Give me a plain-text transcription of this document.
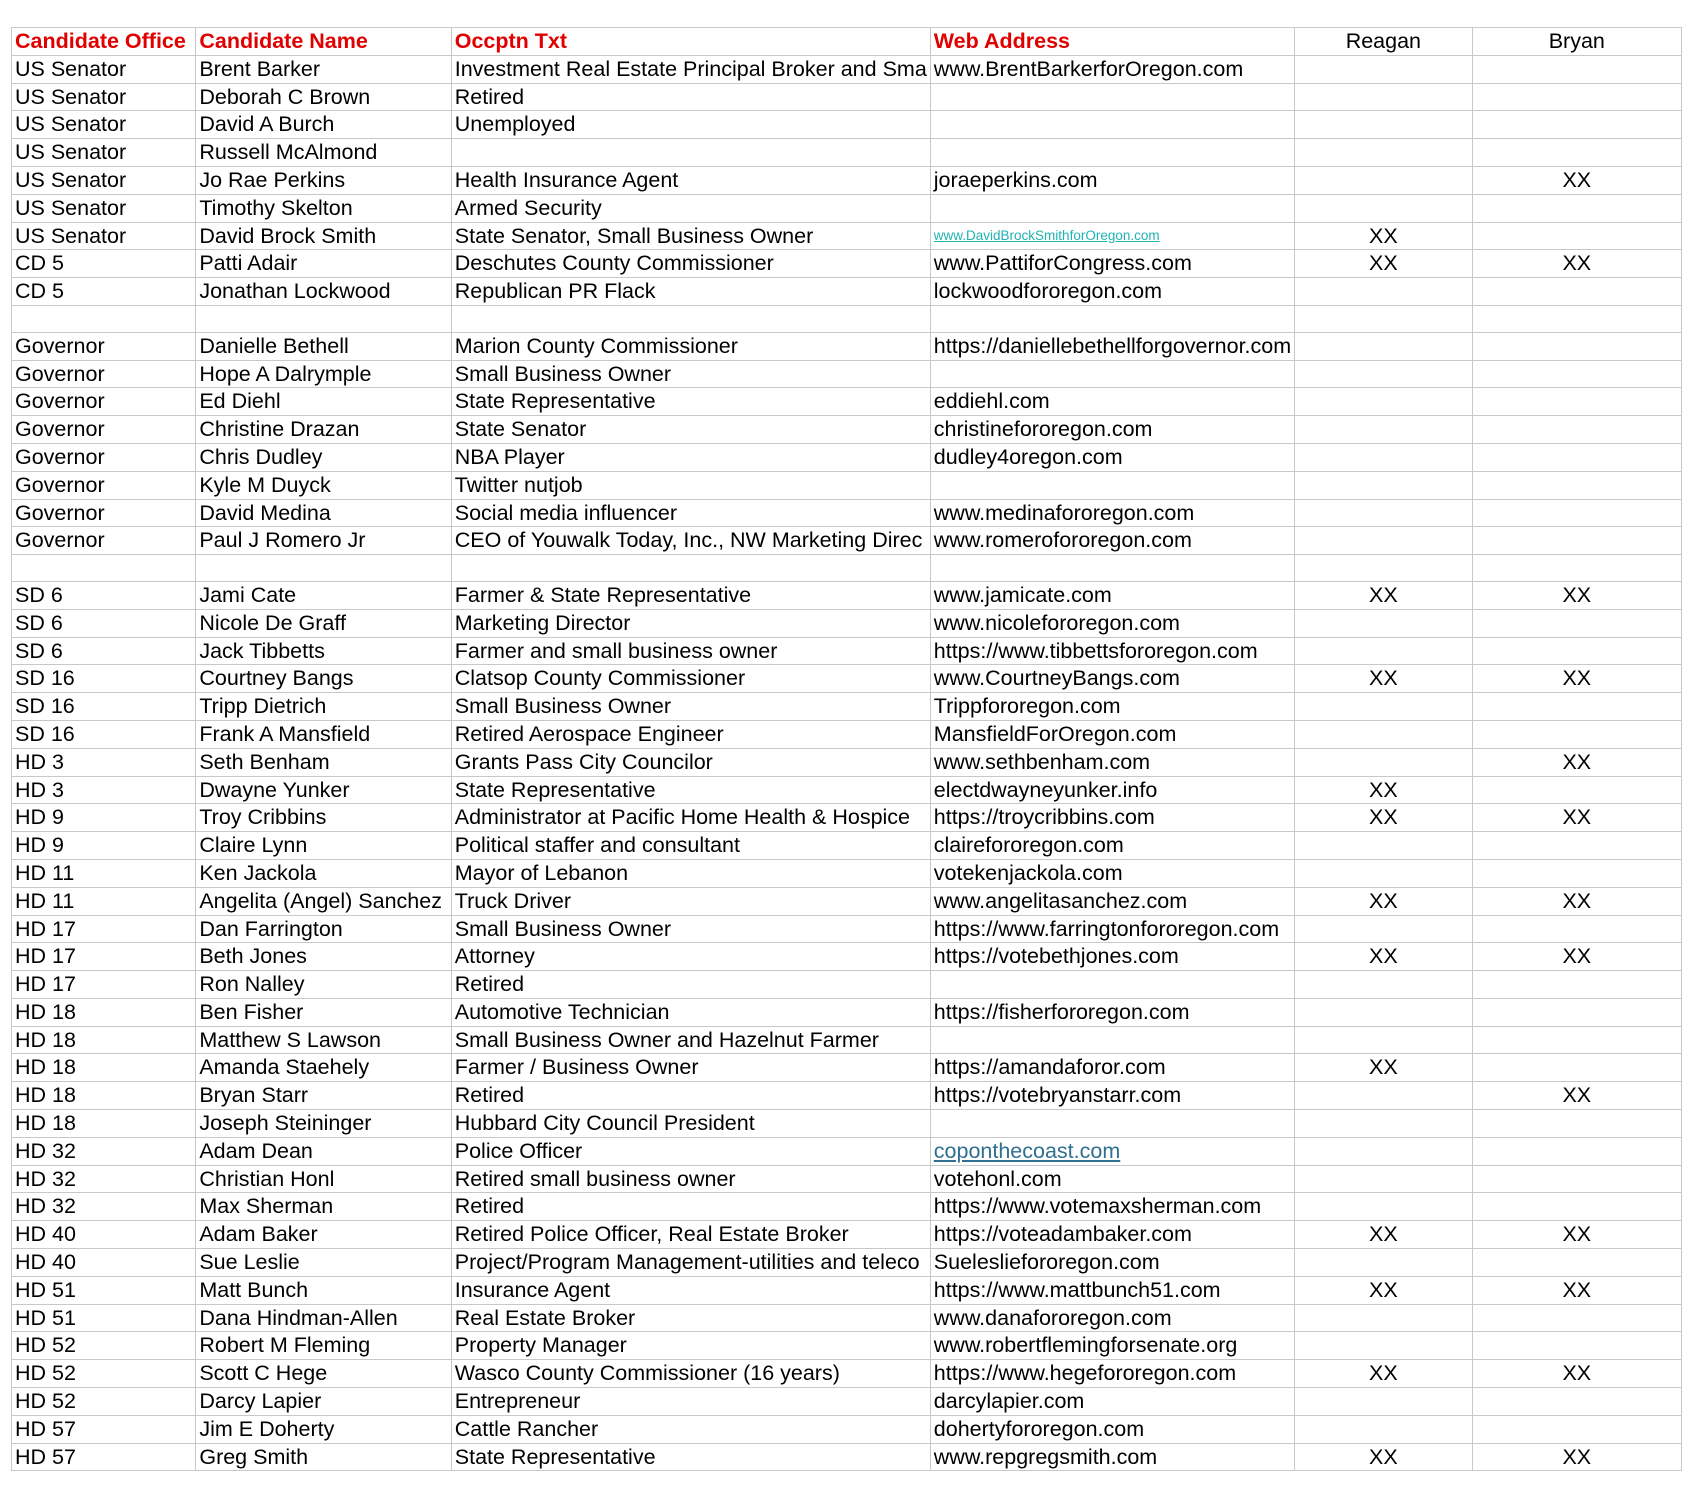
Candidate Office	Candidate Name	Occptn Txt	Web Address	Reagan	Bryan
US Senator	Brent Barker	Investment Real Estate Principal Broker and Sma	www.BrentBarkerforOregon.com		
US Senator	Deborah C Brown	Retired			
US Senator	David A Burch	Unemployed			
US Senator	Russell McAlmond				
US Senator	Jo Rae Perkins	Health Insurance Agent	joraeperkins.com		XX
US Senator	Timothy Skelton	Armed Security			
US Senator	David Brock Smith	State Senator, Small Business Owner	www.DavidBrockSmithforOregon.com	XX	
CD 5	Patti Adair	Deschutes County Commissioner	www.PattiforCongress.com	XX	XX
CD 5	Jonathan Lockwood	Republican PR Flack	lockwoodfororegon.com		

Governor	Danielle Bethell	Marion County Commissioner	https://daniellebethellforgovernor.com		
Governor	Hope A Dalrymple	Small Business Owner			
Governor	Ed Diehl	State Representative	eddiehl.com		
Governor	Christine Drazan	State Senator	christinefororegon.com		
Governor	Chris Dudley	NBA Player	dudley4oregon.com		
Governor	Kyle M Duyck	Twitter nutjob			
Governor	David Medina	Social media influencer	www.medinafororegon.com		
Governor	Paul J Romero Jr	CEO of Youwalk Today, Inc., NW Marketing Direc	www.romerofororegon.com		

SD 6	Jami Cate	Farmer & State Representative	www.jamicate.com	XX	XX
SD 6	Nicole De Graff	Marketing Director	www.nicolefororegon.com		
SD 6	Jack Tibbetts	Farmer and small business owner	https://www.tibbettsfororegon.com		
SD 16	Courtney Bangs	Clatsop County Commissioner	www.CourtneyBangs.com	XX	XX
SD 16	Tripp Dietrich	Small Business Owner	Trippfororegon.com		
SD 16	Frank A Mansfield	Retired Aerospace Engineer	MansfieldForOregon.com		
HD 3	Seth Benham	Grants Pass City Councilor	www.sethbenham.com		XX
HD 3	Dwayne Yunker	State Representative	electdwayneyunker.info	XX	
HD 9	Troy Cribbins	Administrator at Pacific Home Health & Hospice	https://troycribbins.com	XX	XX
HD 9	Claire Lynn	Political staffer and consultant	clairefororegon.com		
HD 11	Ken Jackola	Mayor of Lebanon	votekenjackola.com		
HD 11	Angelita (Angel) Sanchez	Truck Driver	www.angelitasanchez.com	XX	XX
HD 17	Dan Farrington	Small Business Owner	https://www.farringtonfororegon.com		
HD 17	Beth Jones	Attorney	https://votebethjones.com	XX	XX
HD 17	Ron Nalley	Retired			
HD 18	Ben Fisher	Automotive Technician	https://fisherfororegon.com		
HD 18	Matthew S Lawson	Small Business Owner and Hazelnut Farmer			
HD 18	Amanda Staehely	Farmer / Business Owner	https://amandaforor.com	XX	
HD 18	Bryan Starr	Retired	https://votebryanstarr.com		XX
HD 18	Joseph Steininger	Hubbard City Council President			
HD 32	Adam Dean	Police Officer	coponthecoast.com		
HD 32	Christian Honl	Retired small business owner	votehonl.com		
HD 32	Max Sherman	Retired	https://www.votemaxsherman.com		
HD 40	Adam Baker	Retired Police Officer, Real Estate Broker	https://voteadambaker.com	XX	XX
HD 40	Sue Leslie	Project/Program Management-utilities and teleco	Suelesliefororegon.com		
HD 51	Matt Bunch	Insurance Agent	https://www.mattbunch51.com	XX	XX
HD 51	Dana Hindman-Allen	Real Estate Broker	www.danafororegon.com		
HD 52	Robert M Fleming	Property Manager	www.robertflemingforsenate.org		
HD 52	Scott C Hege	Wasco County Commissioner (16 years)	https://www.hegefororegon.com	XX	XX
HD 52	Darcy Lapier	Entrepreneur	darcylapier.com		
HD 57	Jim E Doherty	Cattle Rancher	dohertyfororegon.com		
HD 57	Greg Smith	State Representative	www.repgregsmith.com	XX	XX
